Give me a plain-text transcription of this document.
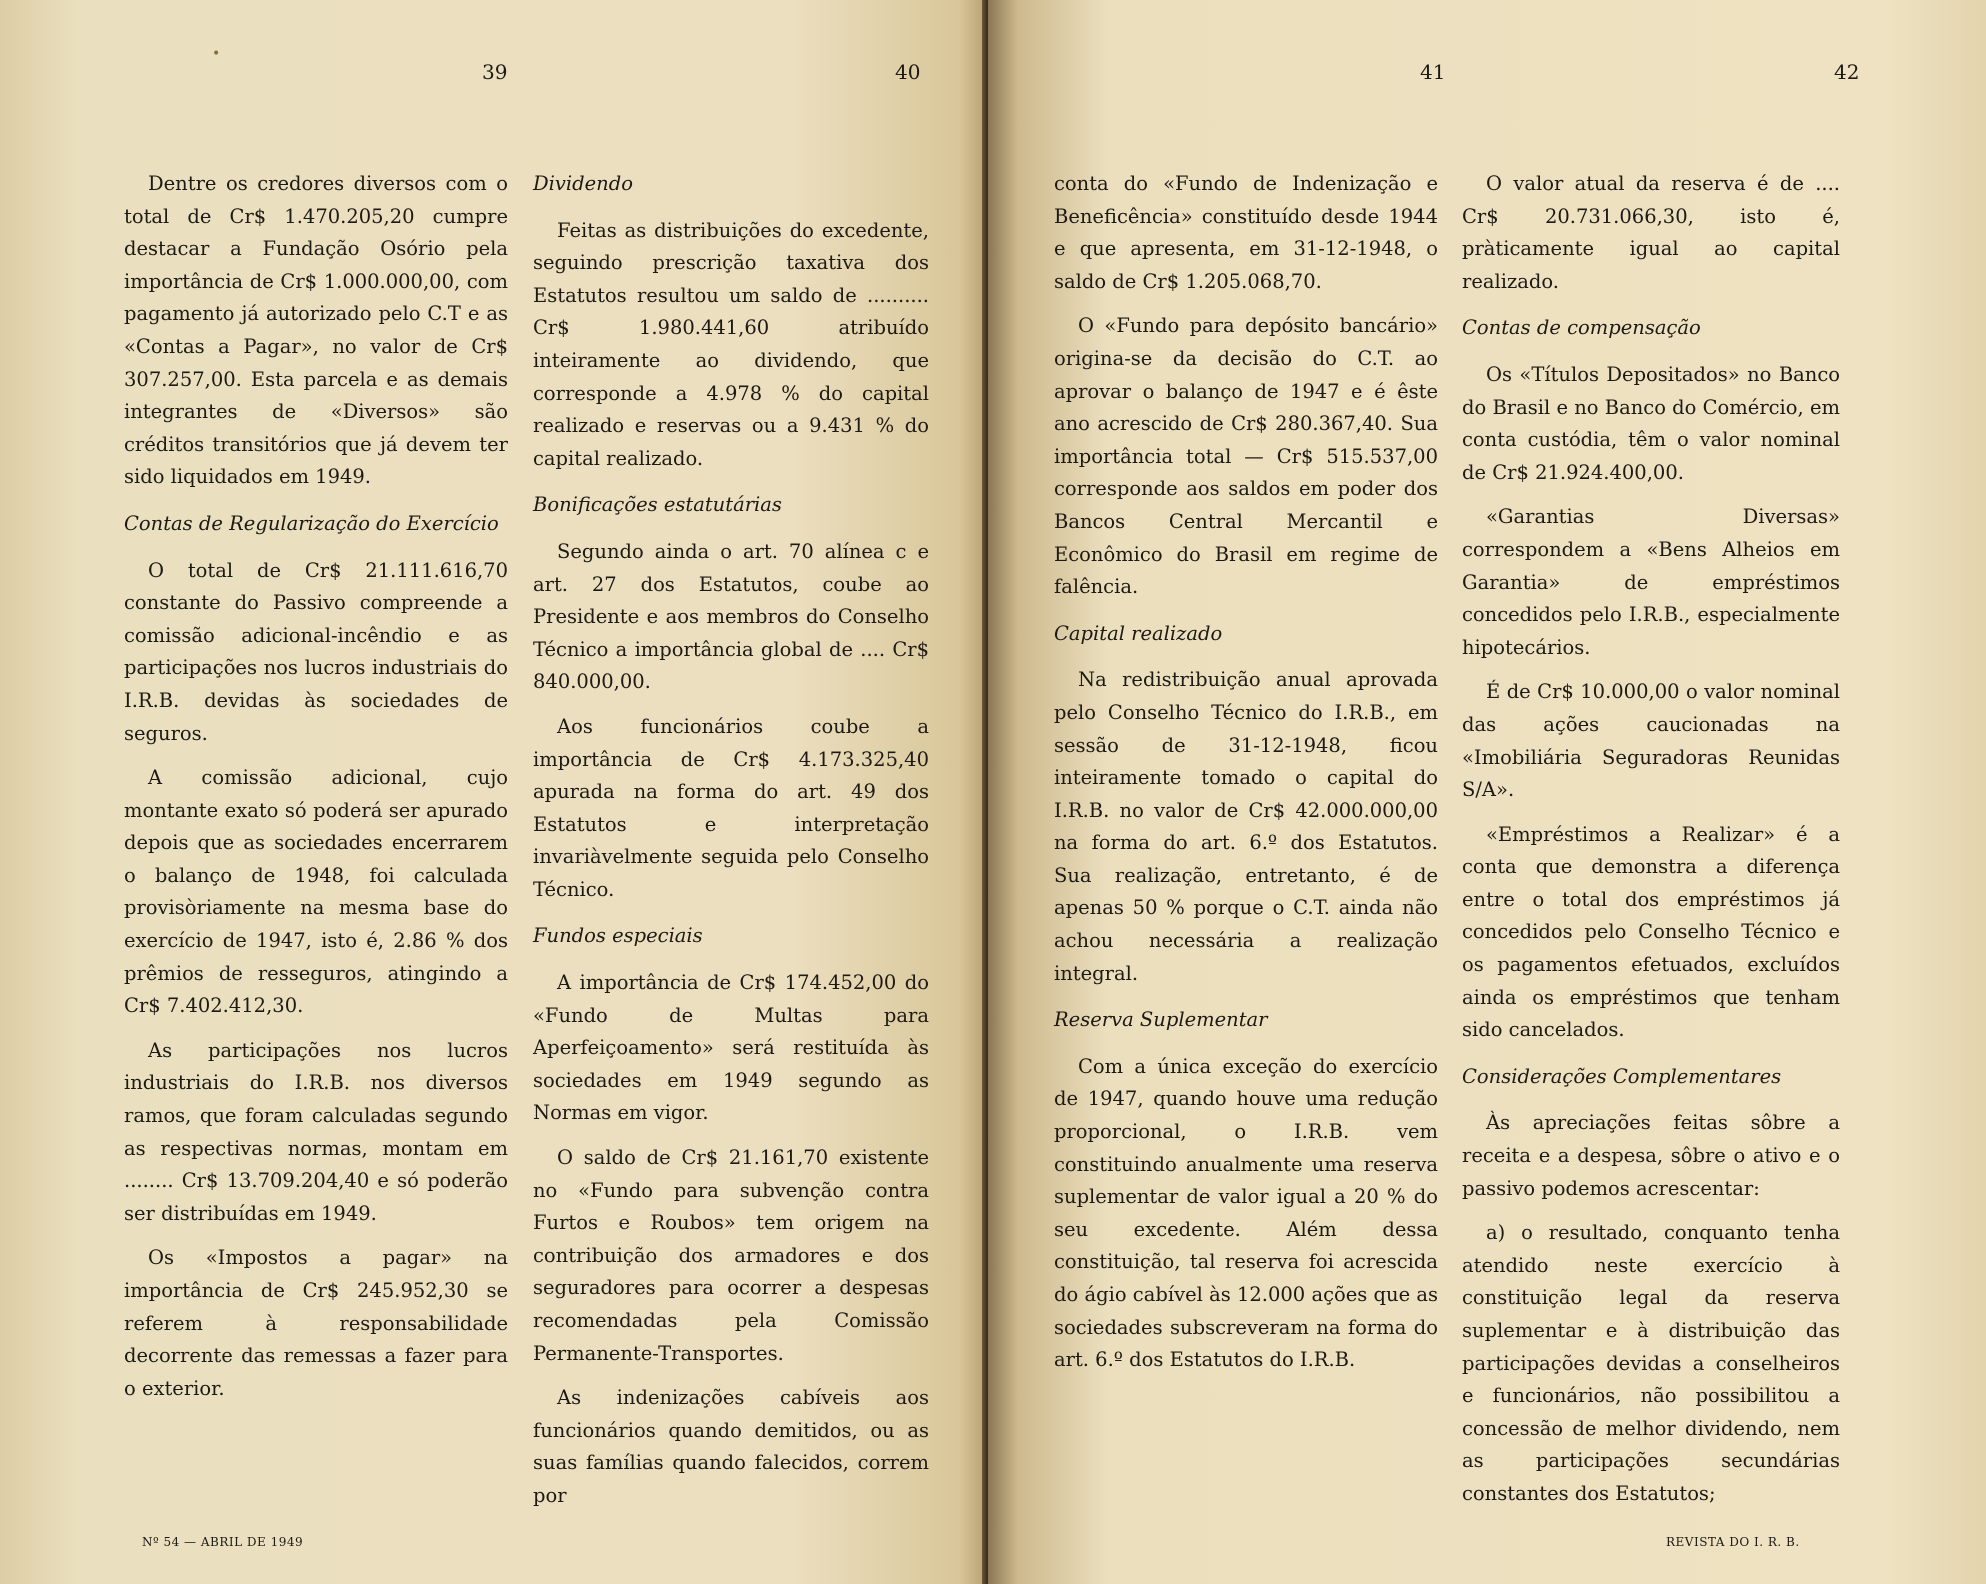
•
39	40

Dentre os credores diversos com o total de Cr$ 1.470.205,20 cumpre destacar a Fundação Osório pela importância de Cr$ 1.000.000,00, com pagamento já autorizado pelo C.T e as «Contas a Pagar», no valor de Cr$ 307.257,00. Esta parcela e as demais integrantes de «Diversos» são créditos transitórios que já devem ter sido liquidados em 1949.

Contas de Regularização do Exercício

O total de Cr$ 21.111.616,70 constante do Passivo compreende a comissão adicional-incêndio e as participações nos lucros industriais do I.R.B. devidas às sociedades de seguros.

A comissão adicional, cujo montante exato só poderá ser apurado depois que as sociedades encerrarem o balanço de 1948, foi calculada provisòriamente na mesma base do exercício de 1947, isto é, 2.86 % dos prêmios de resseguros, atingindo a Cr$ 7.402.412,30.

As participações nos lucros industriais do I.R.B. nos diversos ramos, que foram calculadas segundo as respectivas normas, montam em ........ Cr$ 13.709.204,40 e só poderão ser distribuídas em 1949.

Os «Impostos a pagar» na importância de Cr$ 245.952,30 se referem à responsabilidade decorrente das remessas a fazer para o exterior.

Dividendo

Feitas as distribuições do excedente, seguindo prescrição taxativa dos Estatutos resultou um saldo de .......... Cr$ 1.980.441,60 atribuído inteiramente ao dividendo, que corresponde a 4.978 % do capital realizado e reservas ou a 9.431 % do capital realizado.

Bonificações estatutárias

Segundo ainda o art. 70 alínea c e art. 27 dos Estatutos, coube ao Presidente e aos membros do Conselho Técnico a importância global de .... Cr$ 840.000,00.

Aos funcionários coube a importância de Cr$ 4.173.325,40 apurada na forma do art. 49 dos Estatutos e interpretação invariàvelmente seguida pelo Conselho Técnico.

Fundos especiais

A importância de Cr$ 174.452,00 do «Fundo de Multas para Aperfeiçoamento» será restituída às sociedades em 1949 segundo as Normas em vigor.

O saldo de Cr$ 21.161,70 existente no «Fundo para subvenção contra Furtos e Roubos» tem origem na contribuição dos armadores e dos seguradores para ocorrer a despesas recomendadas pela Comissão Permanente-Transportes.

As indenizações cabíveis aos funcionários quando demitidos, ou as suas famílias quando falecidos, correm por

Nº 54 — ABRIL DE 1949
41	42

conta do «Fundo de Indenização e Beneficência» constituído desde 1944 e que apresenta, em 31-12-1948, o saldo de Cr$ 1.205.068,70.

O «Fundo para depósito bancário» origina-se da decisão do C.T. ao aprovar o balanço de 1947 e é êste ano acrescido de Cr$ 280.367,40. Sua importância total — Cr$ 515.537,00 corresponde aos saldos em poder dos Bancos Central Mercantil e Econômico do Brasil em regime de falência.

Capital realizado

Na redistribuição anual aprovada pelo Conselho Técnico do I.R.B., em sessão de 31-12-1948, ficou inteiramente tomado o capital do I.R.B. no valor de Cr$ 42.000.000,00 na forma do art. 6.º dos Estatutos. Sua realização, entretanto, é de apenas 50 % porque o C.T. ainda não achou necessária a realização integral.

Reserva Suplementar

Com a única exceção do exercício de 1947, quando houve uma redução proporcional, o I.R.B. vem constituindo anualmente uma reserva suplementar de valor igual a 20 % do seu excedente. Além dessa constituição, tal reserva foi acrescida do ágio cabível às 12.000 ações que as sociedades subscreveram na forma do art. 6.º dos Estatutos do I.R.B.

O valor atual da reserva é de .... Cr$ 20.731.066,30, isto é, pràticamente igual ao capital realizado.

Contas de compensação

Os «Títulos Depositados» no Banco do Brasil e no Banco do Comércio, em conta custódia, têm o valor nominal de Cr$ 21.924.400,00.

«Garantias Diversas» correspondem a «Bens Alheios em Garantia» de empréstimos concedidos pelo I.R.B., especialmente hipotecários.

É de Cr$ 10.000,00 o valor nominal das ações caucionadas na «Imobiliária Seguradoras Reunidas S/A».

«Empréstimos a Realizar» é a conta que demonstra a diferença entre o total dos empréstimos já concedidos pelo Conselho Técnico e os pagamentos efetuados, excluídos ainda os empréstimos que tenham sido cancelados.

Considerações Complementares

Às apreciações feitas sôbre a receita e a despesa, sôbre o ativo e o passivo podemos acrescentar:

a) o resultado, conquanto tenha atendido neste exercício à constituição legal da reserva suplementar e à distribuição das participações devidas a conselheiros e funcionários, não possibilitou a concessão de melhor dividendo, nem as participações secundárias constantes dos Estatutos;

REVISTA DO I. R. B.
